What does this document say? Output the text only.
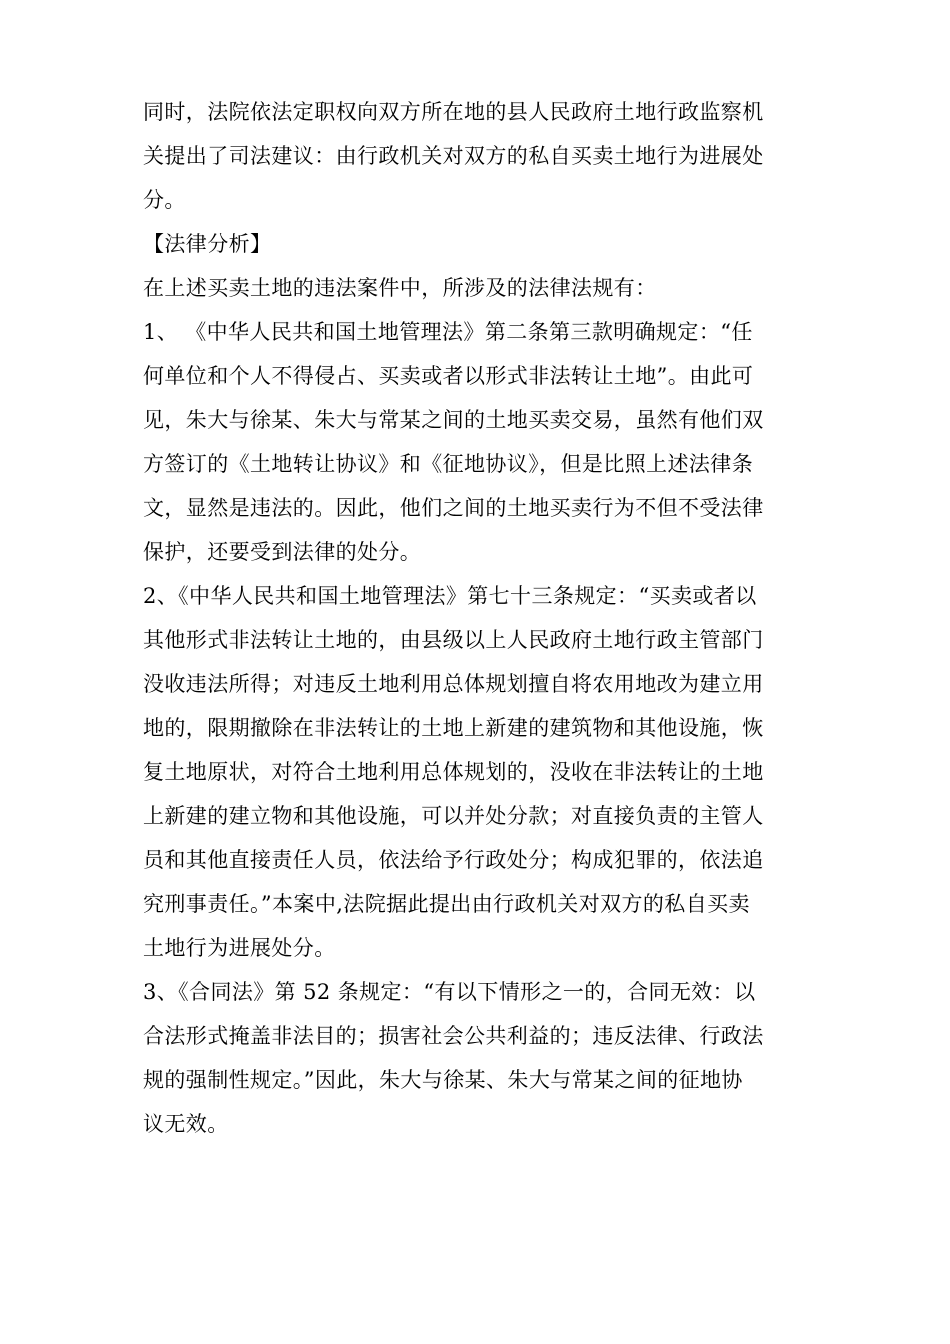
同时，法院依法定职权向双方所在地的县人民政府土地行政监察机
关提出了司法建议：由行政机关对双方的私自买卖土地行为进展处
分。
【法律分析】
在上述买卖土地的违法案件中，所涉及的法律法规有：
1、 《中华人民共和国土地管理法》第二条第三款明确规定：“任
何单位和个人不得侵占、买卖或者以形式非法转让土地”。由此可
见，朱大与徐某、朱大与常某之间的土地买卖交易，虽然有他们双
方签订的《土地转让协议》和《征地协议》，但是比照上述法律条
文，显然是违法的。因此，他们之间的土地买卖行为不但不受法律
保护，还要受到法律的处分。
2、《中华人民共和国土地管理法》第七十三条规定：“买卖或者以
其他形式非法转让土地的，由县级以上人民政府土地行政主管部门
没收违法所得；对违反土地利用总体规划擅自将农用地改为建立用
地的，限期撤除在非法转让的土地上新建的建筑物和其他设施，恢
复土地原状，对符合土地利用总体规划的，没收在非法转让的土地
上新建的建立物和其他设施，可以并处分款；对直接负责的主管人
员和其他直接责任人员，依法给予行政处分；构成犯罪的，依法追
究刑事责任。”本案中,法院据此提出由行政机关对双方的私自买卖
土地行为进展处分。
3、《合同法》第 52 条规定：“有以下情形之一的，合同无效：以
合法形式掩盖非法目的；损害社会公共利益的；违反法律、行政法
规的强制性规定。”因此，朱大与徐某、朱大与常某之间的征地协
议无效。
